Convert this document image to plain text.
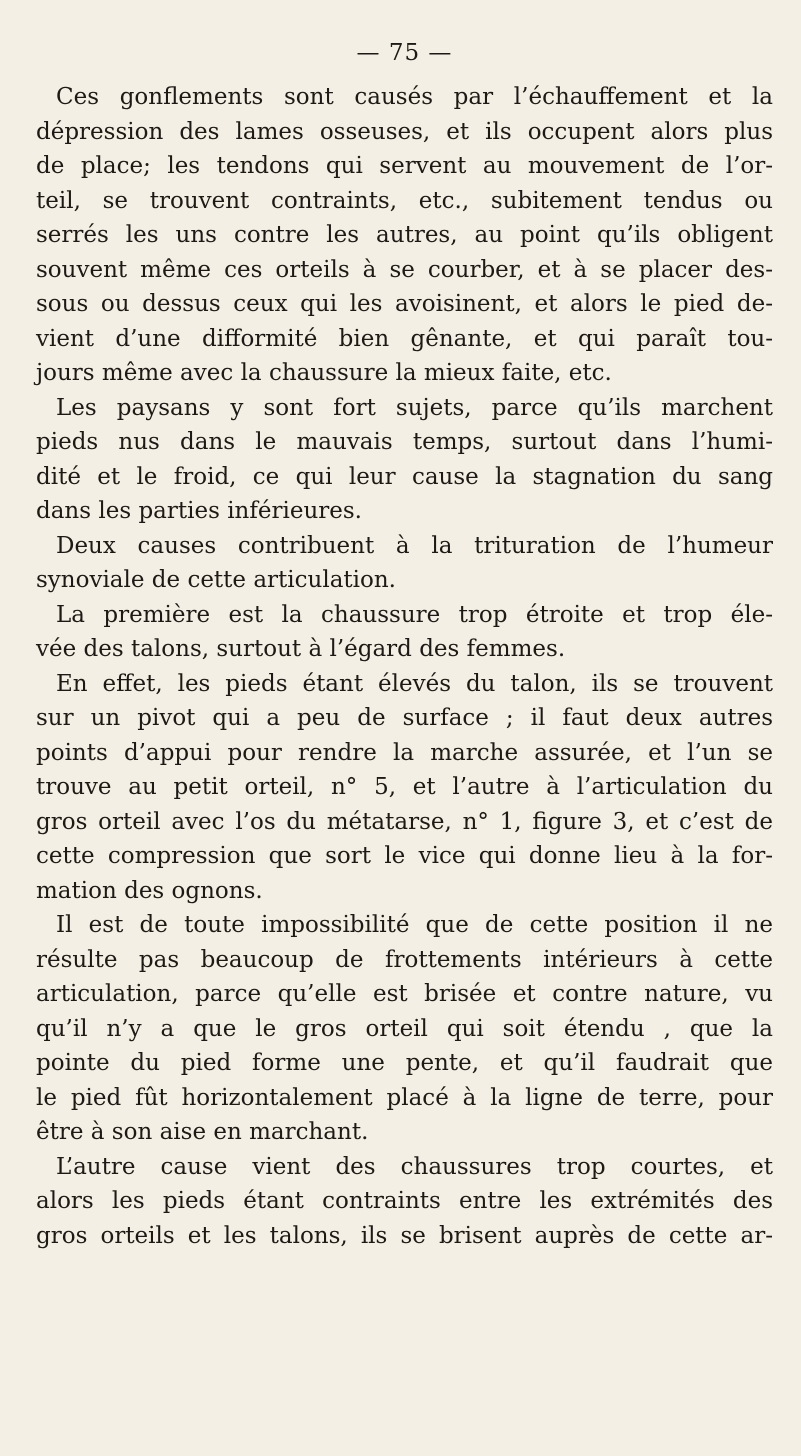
— 75 —
Ces gonflements sont causés par l’échauffement et la
dépression des lames osseuses, et ils occupent alors plus
de place; les tendons qui servent au mouvement de l’or-
teil, se trouvent contraints, etc., subitement tendus ou
serrés les uns contre les autres, au point qu’ils obligent
souvent même ces orteils à se courber, et à se placer des-
sous ou dessus ceux qui les avoisinent, et alors le pied de-
vient d’une difformité bien gênante, et qui paraît tou-
jours même avec la chaussure la mieux faite, etc.
Les paysans y sont fort sujets, parce qu’ils marchent
pieds nus dans le mauvais temps, surtout dans l’humi-
dité et le froid, ce qui leur cause la stagnation du sang
dans les parties inférieures.
Deux causes contribuent à la trituration de l’humeur
synoviale de cette articulation.
La première est la chaussure trop étroite et trop éle-
vée des talons, surtout à l’égard des femmes.
En effet, les pieds étant élevés du talon, ils se trouvent
sur un pivot qui a peu de surface ; il faut deux autres
points d’appui pour rendre la marche assurée, et l’un se
trouve au petit orteil, n° 5, et l’autre à l’articulation du
gros orteil avec l’os du métatarse, n° 1, figure 3, et c’est de
cette compression que sort le vice qui donne lieu à la for-
mation des ognons.
Il est de toute impossibilité que de cette position il ne
résulte pas beaucoup de frottements intérieurs à cette
articulation, parce qu’elle est brisée et contre nature, vu
qu’il n’y a que le gros orteil qui soit étendu , que la
pointe du pied forme une pente, et qu’il faudrait que
le pied fût horizontalement placé à la ligne de terre, pour
être à son aise en marchant.
L’autre cause vient des chaussures trop courtes, et
alors les pieds étant contraints entre les extrémités des
gros orteils et les talons, ils se brisent auprès de cette ar-
